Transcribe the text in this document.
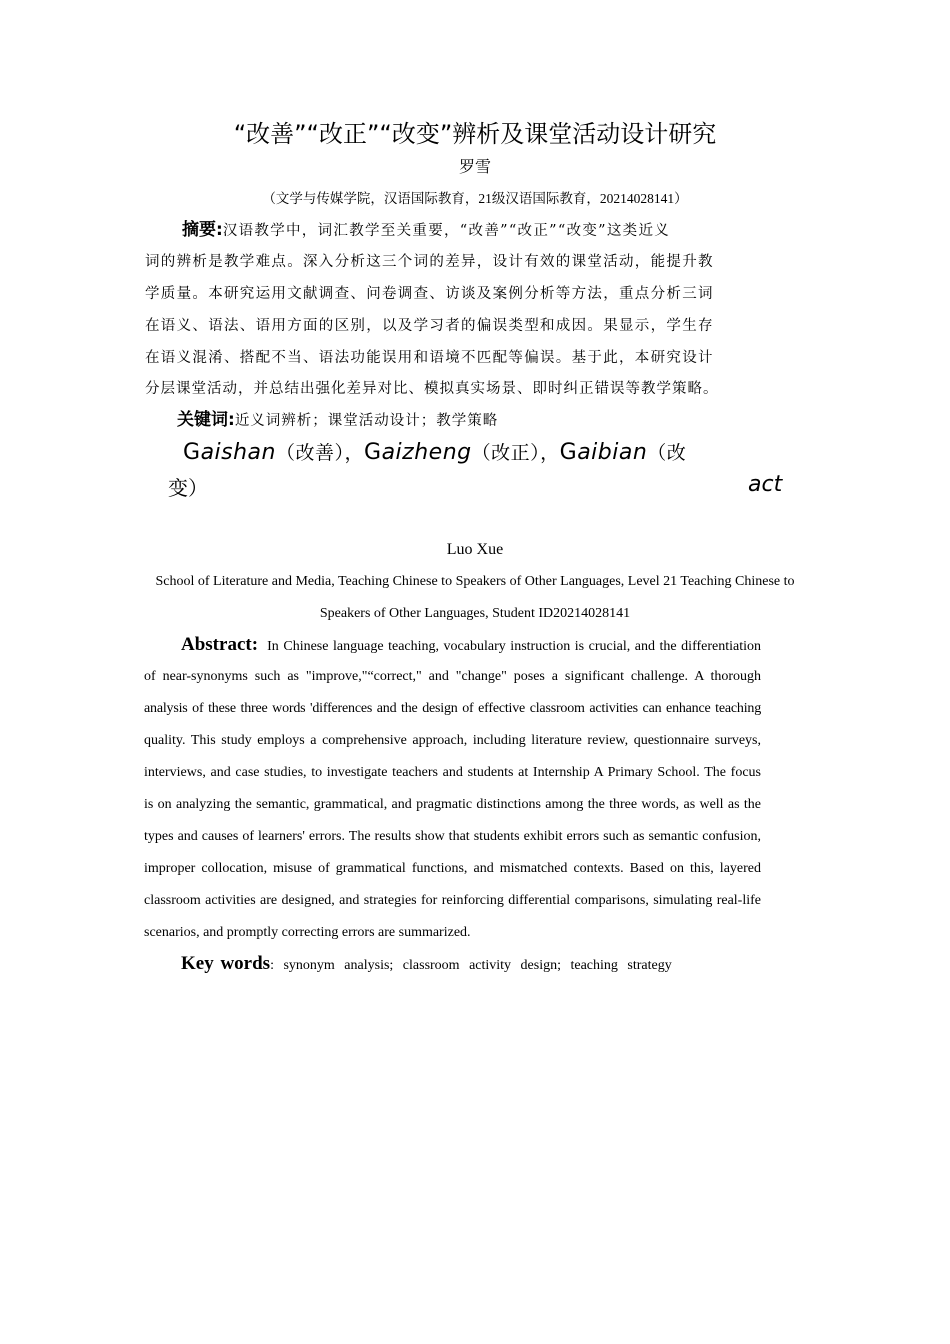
“改善”“改正”“改变”辨析及课堂活动设计研究
罗雪
（文学与传媒学院，汉语国际教育，21级汉语国际教育，20214028141）
摘要:汉语教学中，词汇教学至关重要，“改善”“改正”“改变”这类近义
词的辨析是教学难点。深入分析这三个词的差异，设计有效的课堂活动，能提升教
学质量。本研究运用文献调查、问卷调查、访谈及案例分析等方法，重点分析三词
在语义、语法、语用方面的区别，以及学习者的偏误类型和成因。果显示，学生存
在语义混淆、搭配不当、语法功能误用和语境不匹配等偏误。基于此，本研究设计
分层课堂活动，并总结出强化差异对比、模拟真实场景、即时纠正错误等教学策略。
关键词:近义词辨析；课堂活动设计；教学策略
Gaishan（改善），Gaizheng（改正），Gaibian（改
变）	act
Luo Xue
School of Literature and Media, Teaching Chinese to Speakers of Other Languages, Level 21 Teaching Chinese to
Speakers of Other Languages, Student ID20214028141
Abstract: In Chinese language teaching, vocabulary instruction is crucial, and the differentiation
of near-synonyms such as "improve,"“correct," and "change" poses a significant challenge. A thorough
analysis of these three words 'differences and the design of effective classroom activities can enhance teaching
quality. This study employs a comprehensive approach, including literature review, questionnaire surveys,
interviews, and case studies, to investigate teachers and students at Internship A Primary School. The focus
is on analyzing the semantic, grammatical, and pragmatic distinctions among the three words, as well as the
types and causes of learners' errors. The results show that students exhibit errors such as semantic confusion,
improper collocation, misuse of grammatical functions, and mismatched contexts. Based on this, layered
classroom activities are designed, and strategies for reinforcing differential comparisons, simulating real-life
scenarios, and promptly correcting errors are summarized.
Key words: synonym analysis; classroom activity design; teaching strategy
